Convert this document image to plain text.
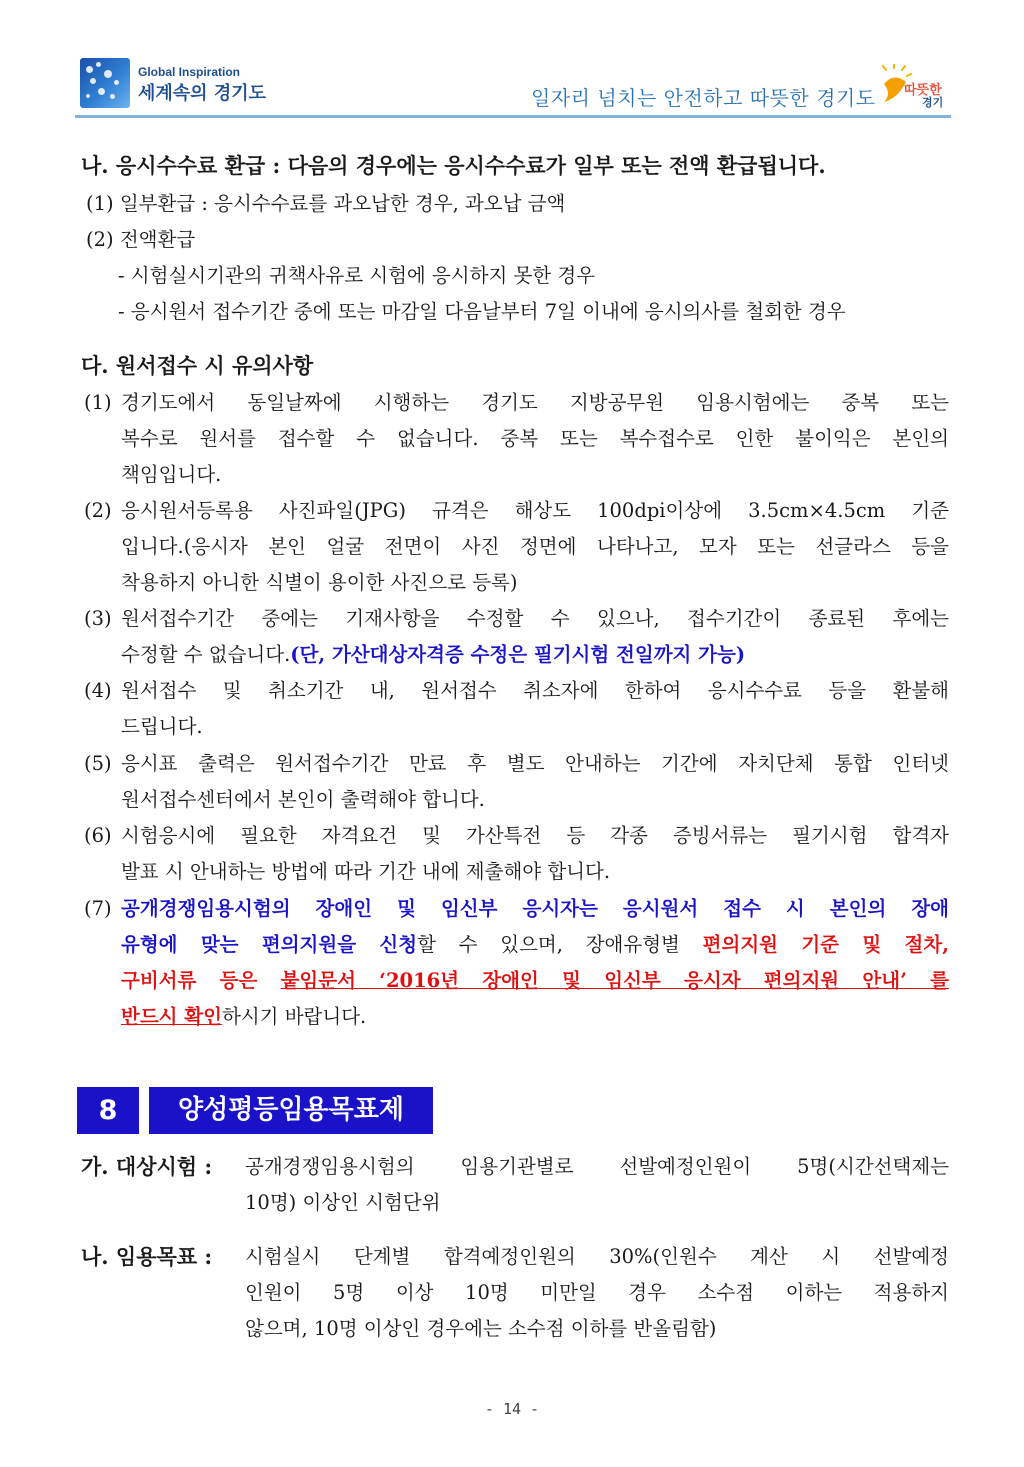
Global Inspiration
세계속의 경기도	일자리 넘치는 안전하고 따뜻한 경기도 따뜻한
경기
나. 응시수수료 환급 : 다음의 경우에는 응시수수료가 일부 또는 전액 환급됩니다.
(1) 일부환급 : 응시수수료를 과오납한 경우, 과오납 금액
(2) 전액환급
- 시험실시기관의 귀책사유로 시험에 응시하지 못한 경우
- 응시원서 접수기간 중에 또는 마감일 다음날부터 7일 이내에 응시의사를 철회한 경우
다. 원서접수 시 유의사항
(1) 경기도에서 동일날짜에 시행하는 경기도 지방공무원 임용시험에는 중복 또는
복수로 원서를 접수할 수 없습니다. 중복 또는 복수접수로 인한 불이익은 본인의
책임입니다.
(2) 응시원서등록용 사진파일(JPG) 규격은 해상도 100dpi이상에 3.5cm×4.5cm 기준
입니다.(응시자 본인 얼굴 전면이 사진 정면에 나타나고, 모자 또는 선글라스 등을
착용하지 아니한 식별이 용이한 사진으로 등록)
(3) 원서접수기간 중에는 기재사항을 수정할 수 있으나, 접수기간이 종료된 후에는
수정할 수 없습니다.(단, 가산대상자격증 수정은 필기시험 전일까지 가능)
(4) 원서접수 및 취소기간 내, 원서접수 취소자에 한하여 응시수수료 등을 환불해
드립니다.
(5) 응시표 출력은 원서접수기간 만료 후 별도 안내하는 기간에 자치단체 통합 인터넷
원서접수센터에서 본인이 출력해야 합니다.
(6) 시험응시에 필요한 자격요건 및 가산특전 등 각종 증빙서류는 필기시험 합격자
발표 시 안내하는 방법에 따라 기간 내에 제출해야 합니다.
(7) 공개경쟁임용시험의 장애인 및 임신부 응시자는 응시원서 접수 시 본인의 장애
유형에 맞는 편의지원을 신청할 수 있으며, 장애유형별 편의지원 기준 및 절차,
구비서류 등은 붙임문서 ‘2016년 장애인 및 임신부 응시자 편의지원 안내’ 를
반드시 확인하시기 바랍니다.
8	양성평등임용목표제
가. 대상시험 : 공개경쟁임용시험의 임용기관별로 선발예정인원이 5명(시간선택제는
10명) 이상인 시험단위
나. 임용목표 : 시험실시 단계별 합격예정인원의 30%(인원수 계산 시 선발예정
인원이 5명 이상 10명 미만일 경우 소수점 이하는 적용하지
않으며, 10명 이상인 경우에는 소수점 이하를 반올림함)
- 14 -
